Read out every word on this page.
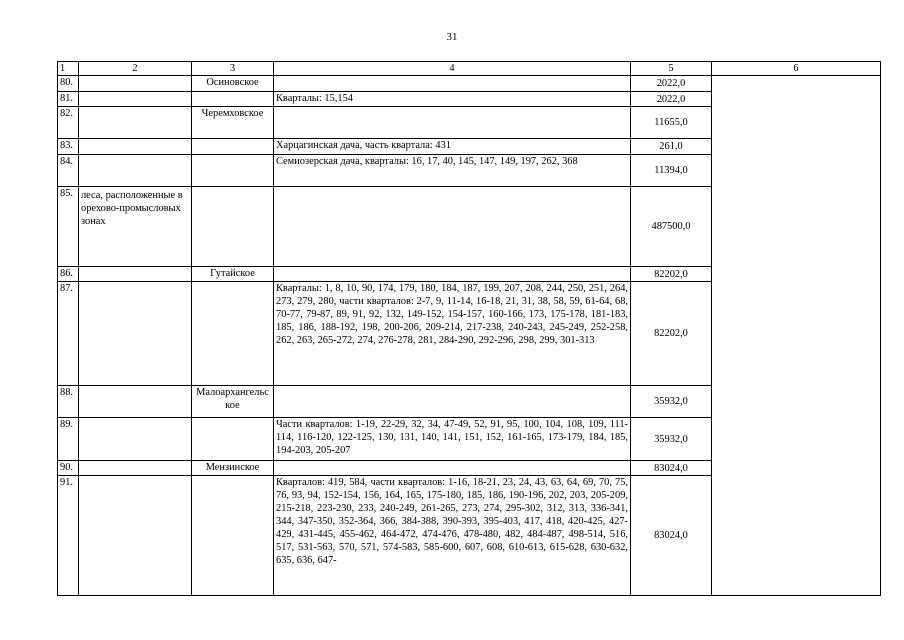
31
1	2	3	4	5	6
80.		Осиновское		2022,0	
81.			Кварталы: 15,154	2022,0	
82.		Черемховское		11655,0	
83.			Харцагинская дача, часть квартала: 431	261,0	
84.			Семиозерская дача, кварталы: 16, 17, 40, 145, 147, 149, 197, 262, 368	11394,0	
85.	леса, расположенные в орехово-промысловых зонах			487500,0	
86.		Гутайское		82202,0	
87.			Кварталы: 1, 8, 10, 90, 174, 179, 180, 184, 187, 199, 207, 208, 244, 250, 251, 264, 273, 279, 280, части кварталов: 2-7, 9, 11-14, 16-18, 21, 31, 38, 58, 59, 61-64, 68, 70-77, 79-87, 89, 91, 92, 132, 149-152, 154-157, 160-166, 173, 175-178, 181-183, 185, 186, 188-192, 198, 200-206, 209-214, 217-238, 240-243, 245-249, 252-258, 262, 263, 265-272, 274, 276-278, 281, 284-290, 292-296, 298, 299, 301-313	82202,0	
88.		Малоархангельское		35932,0	
89.			Части кварталов: 1-19, 22-29, 32, 34, 47-49, 52, 91, 95, 100, 104, 108, 109, 111-114, 116-120, 122-125, 130, 131, 140, 141, 151, 152, 161-165, 173-179, 184, 185, 194-203, 205-207	35932,0	
90.		Мензинское		83024,0	
91.			Кварталов: 419, 584, части кварталов: 1-16, 18-21, 23, 24, 43, 63, 64, 69, 70, 75, 76, 93, 94, 152-154, 156, 164, 165, 175-180, 185, 186, 190-196, 202, 203, 205-209, 215-218, 223-230, 233, 240-249, 261-265, 273, 274, 295-302, 312, 313, 336-341, 344, 347-350, 352-364, 366, 384-388, 390-393, 395-403, 417, 418, 420-425, 427-429, 431-445, 455-462, 464-472, 474-476, 478-480, 482, 484-487, 498-514, 516, 517, 531-563, 570, 571, 574-583, 585-600, 607, 608, 610-613, 615-628, 630-632, 635, 636, 647-	83024,0	
